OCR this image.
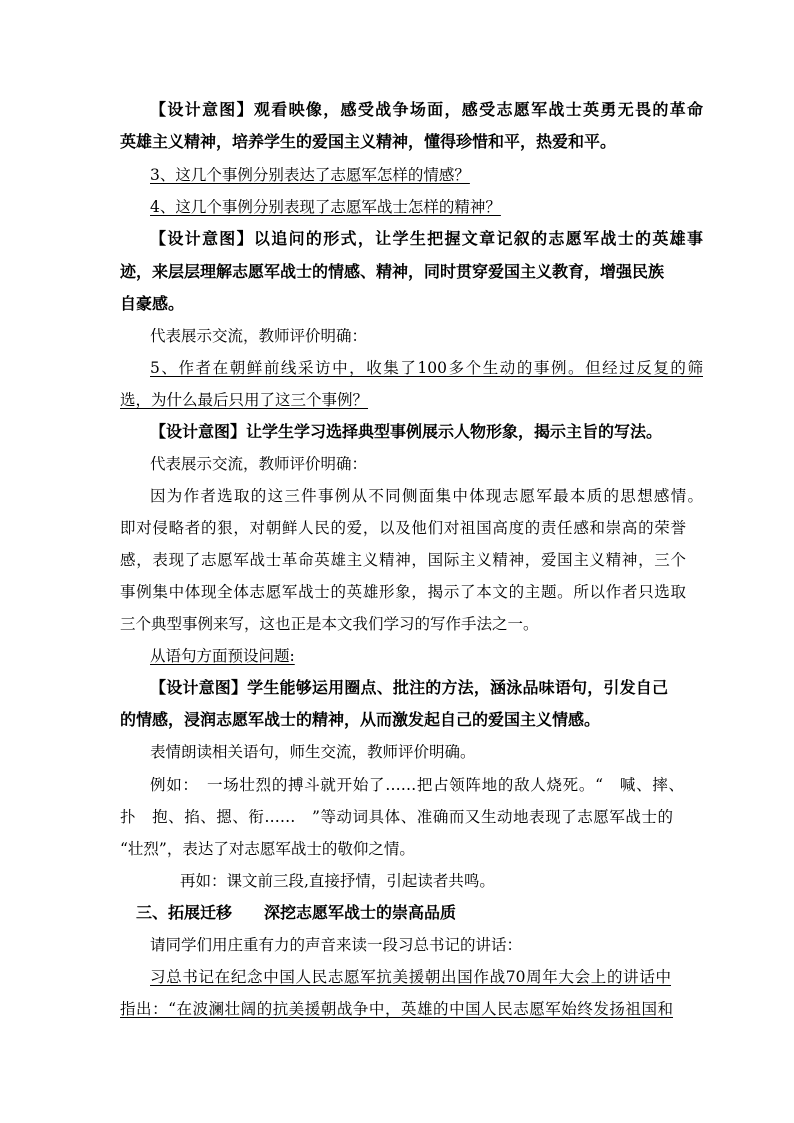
【设计意图】观看映像，感受战争场面，感受志愿军战士英勇无畏的革命
英雄主义精神，培养学生的爱国主义精神，懂得珍惜和平，热爱和平。
3、这几个事例分别表达了志愿军怎样的情感？
4、这几个事例分别表现了志愿军战士怎样的精神？
【设计意图】以追问的形式，让学生把握文章记叙的志愿军战士的英雄事
迹，来层层理解志愿军战士的情感、精神，同时贯穿爱国主义教育，增强民族
自豪感。
代表展示交流，教师评价明确：
5、作者在朝鲜前线采访中，收集了100多个生动的事例。但经过反复的筛
选，为什么最后只用了这三个事例？
【设计意图】让学生学习选择典型事例展示人物形象，揭示主旨的写法。
代表展示交流，教师评价明确：
因为作者选取的这三件事例从不同侧面集中体现志愿军最本质的思想感情。
即对侵略者的狠，对朝鲜人民的爱，以及他们对祖国高度的责任感和崇高的荣誉
感，表现了志愿军战士革命英雄主义精神，国际主义精神，爱国主义精神，三个
事例集中体现全体志愿军战士的英雄形象，揭示了本文的主题。所以作者只选取
三个典型事例来写，这也正是本文我们学习的写作手法之一。
从语句方面预设问题:
【设计意图】学生能够运用圈点、批注的方法，涵泳品味语句，引发自己
的情感，浸润志愿军战士的精神，从而激发起自己的爱国主义情感。
表情朗读相关语句，师生交流，教师评价明确。
例如：　一场壮烈的搏斗就开始了……把占领阵地的敌人烧死。“　喊、摔、
扑　抱、掐、摁、衔……　”等动词具体、准确而又生动地表现了志愿军战士的
“壮烈”，表达了对志愿军战士的敬仰之情。
再如：课文前三段,直接抒情，引起读者共鸣。
三、拓展迁移　　深挖志愿军战士的崇高品质
请同学们用庄重有力的声音来读一段习总书记的讲话：
习总书记在纪念中国人民志愿军抗美援朝出国作战70周年大会上的讲话中
指出：“在波澜壮阔的抗美援朝战争中，英雄的中国人民志愿军始终发扬祖国和
